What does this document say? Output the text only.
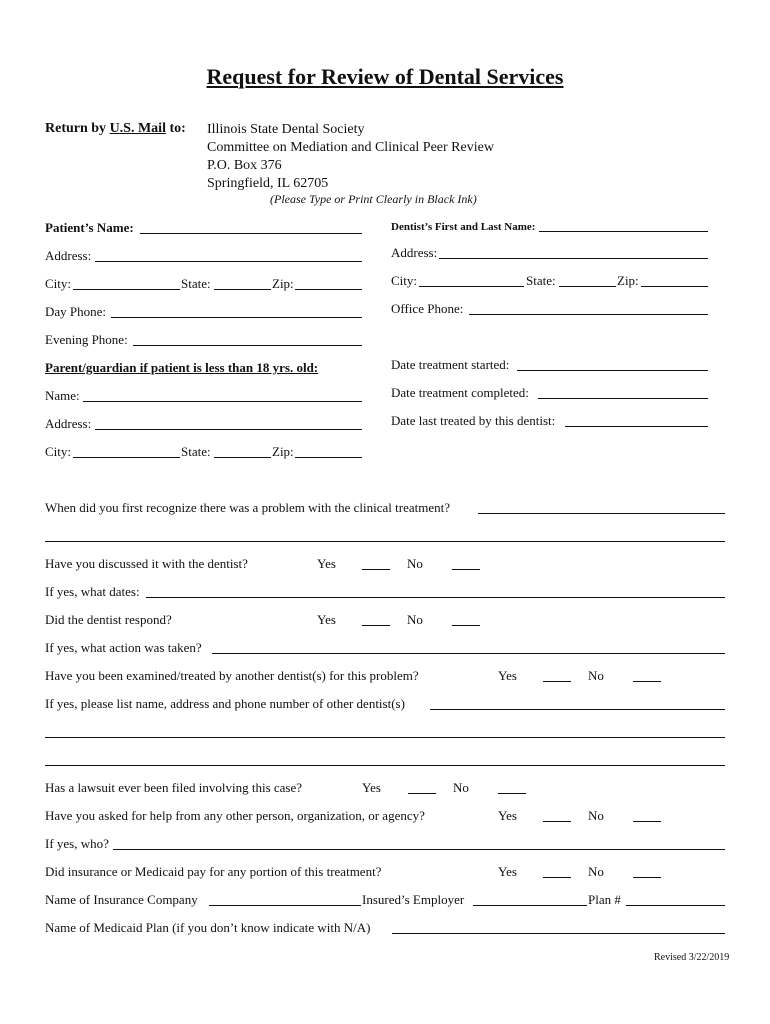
Request for Review of Dental Services
Return by U.S. Mail to: Illinois State Dental Society
Committee on Mediation and Clinical Peer Review
P.O. Box 376
Springfield, IL 62705
(Please Type or Print Clearly in Black Ink)
Patient’s Name:
Address:
City:	State:	Zip:
Day Phone:
Evening Phone:
Parent/guardian if patient is less than 18 yrs. old:
Name:
Address:
City:	State:	Zip:
Dentist’s First and Last Name:
Address:
City:	State:	Zip:
Office Phone:
Date treatment started:
Date treatment completed:
Date last treated by this dentist:
When did you first recognize there was a problem with the clinical treatment?
Have you discussed it with the dentist?	Yes	No
If yes, what dates:
Did the dentist respond?	Yes	No
If yes, what action was taken?
Have you been examined/treated by another dentist(s) for this problem?	Yes	No
If yes, please list name, address and phone number of other dentist(s)
Has a lawsuit ever been filed involving this case?	Yes	No
Have you asked for help from any other person, organization, or agency?	Yes	No
If yes, who?
Did insurance or Medicaid pay for any portion of this treatment?	Yes	No
Name of Insurance Company	Insured’s Employer	Plan #
Name of Medicaid Plan (if you don’t know indicate with N/A)
Revised 3/22/2019
